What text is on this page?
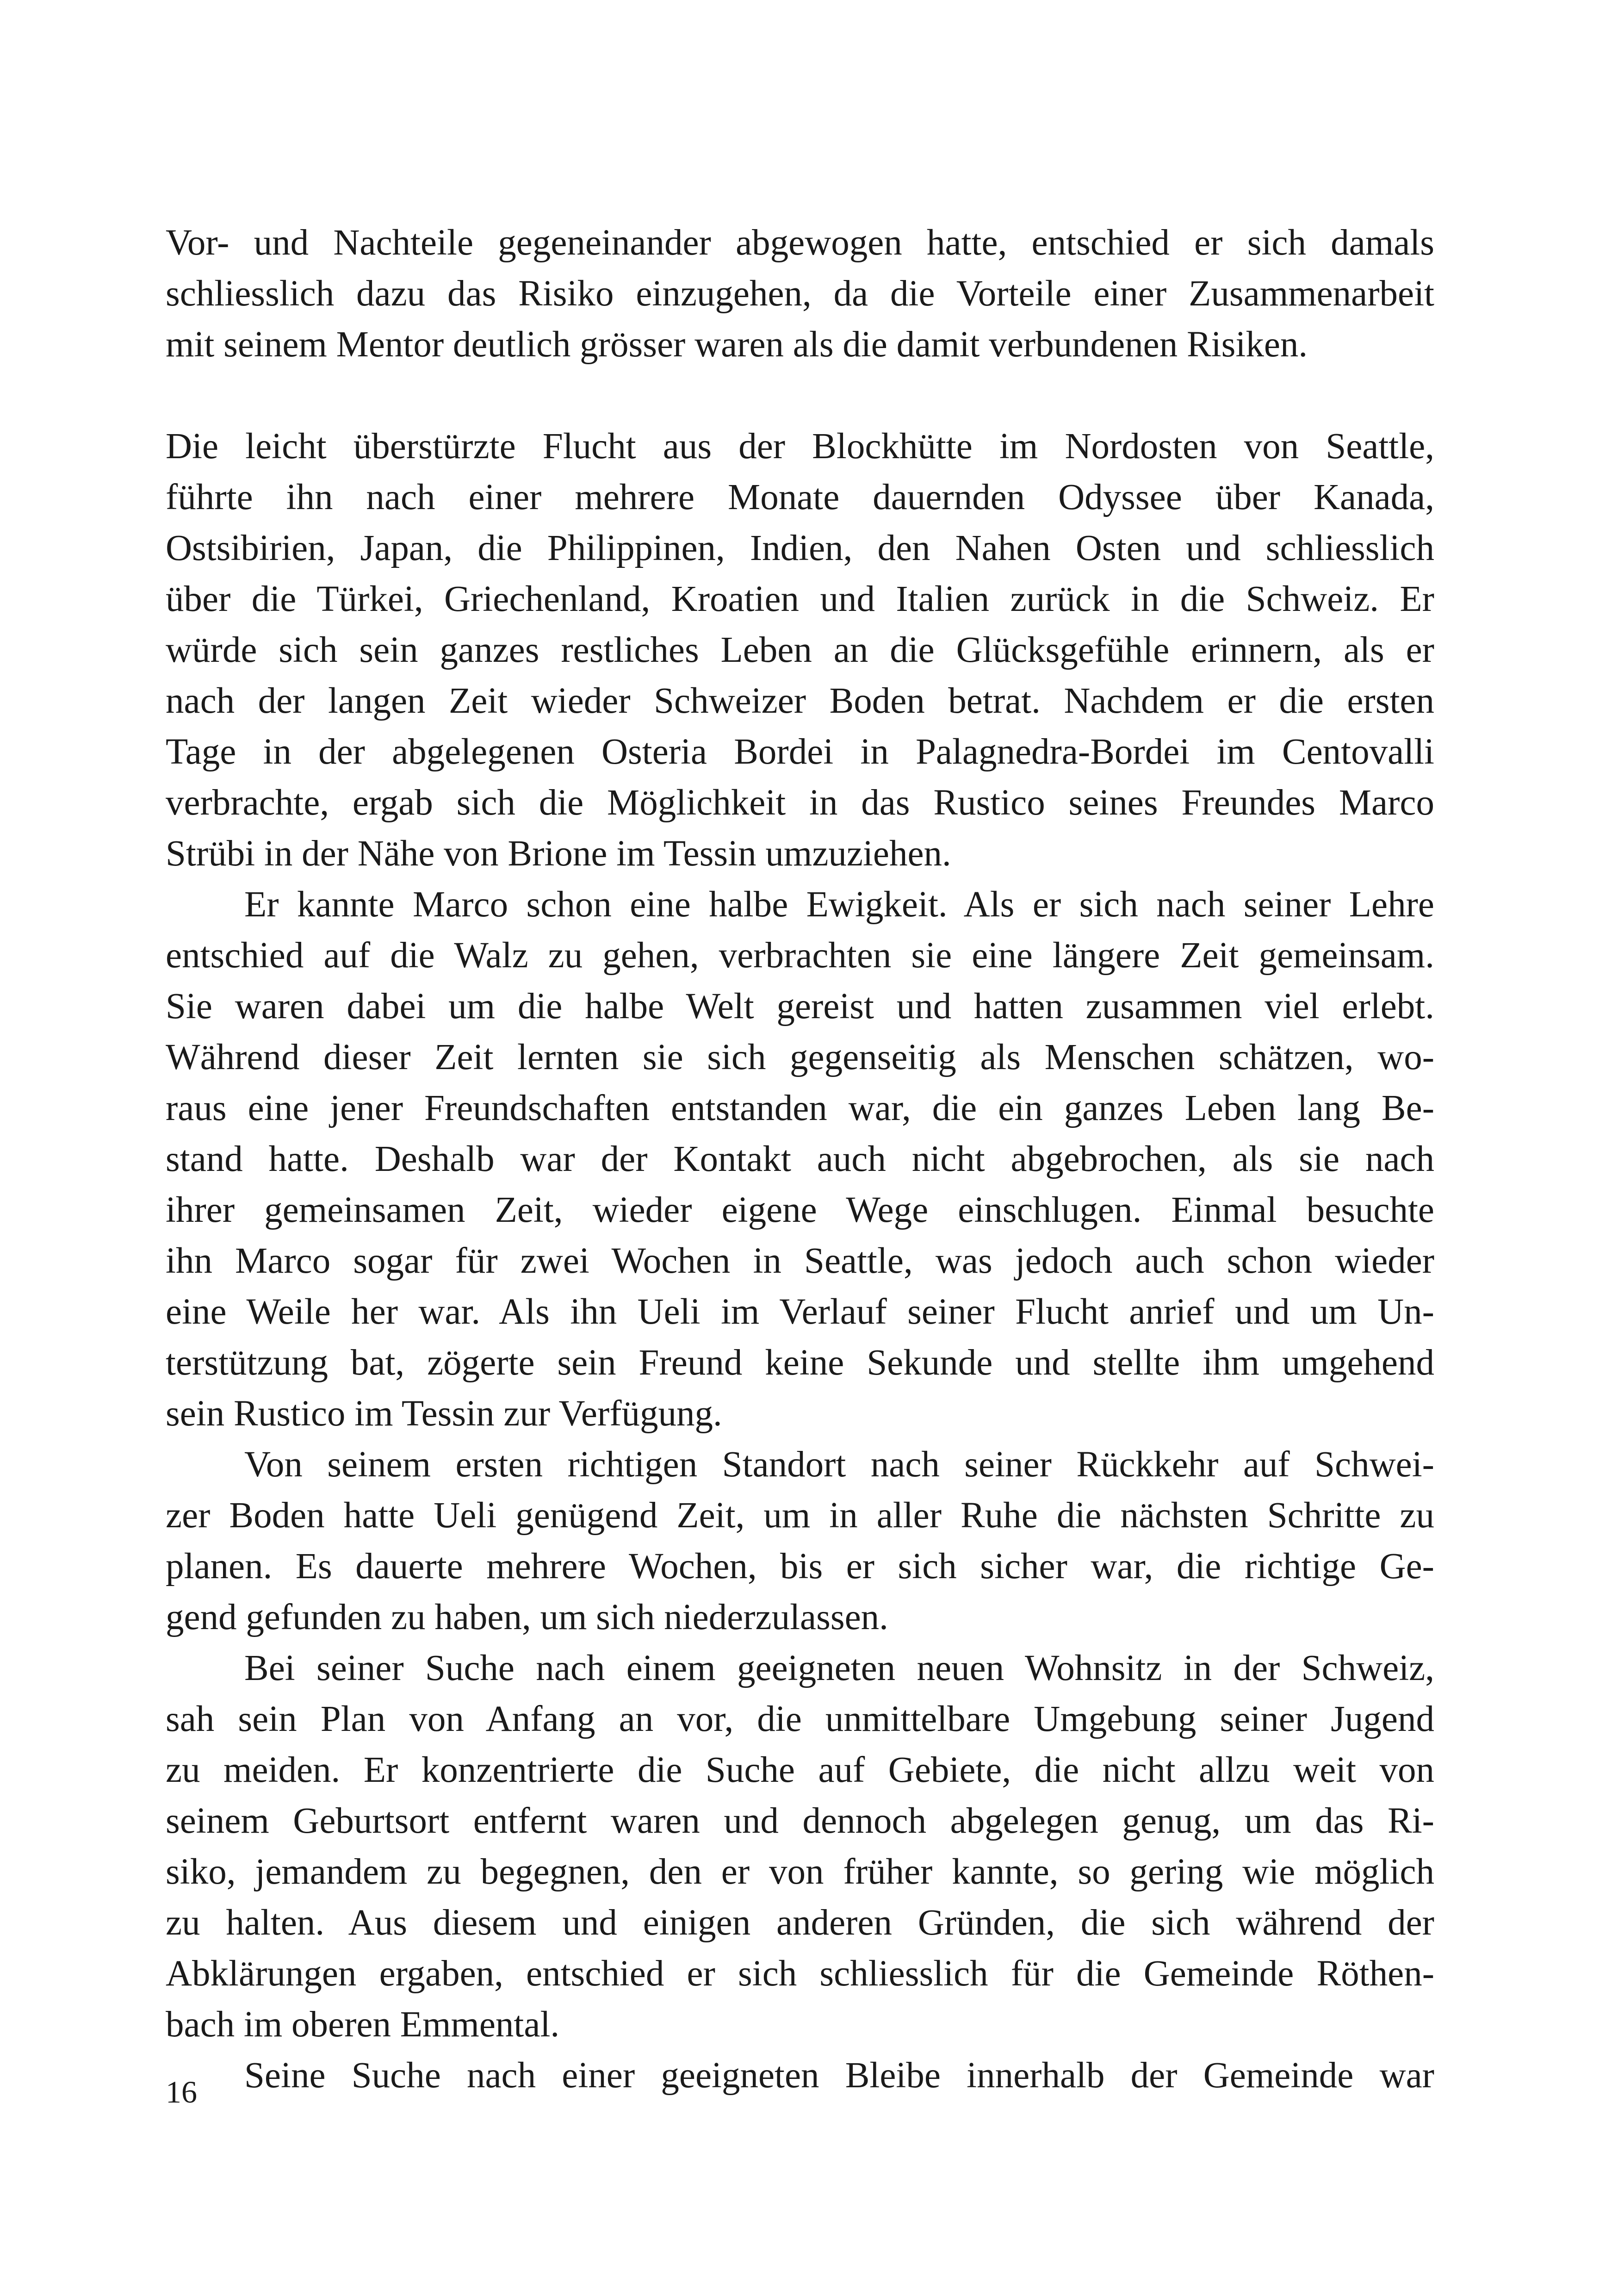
Vor- und Nachteile gegeneinander abgewogen hatte, entschied er sich damals
schliesslich dazu das Risiko einzugehen, da die Vorteile einer Zusammenarbeit
mit seinem Mentor deutlich grösser waren als die damit verbundenen Risiken.
Die leicht überstürzte Flucht aus der Blockhütte im Nordosten von Seattle,
führte ihn nach einer mehrere Monate dauernden Odyssee über Kanada,
Ostsibirien, Japan, die Philippinen, Indien, den Nahen Osten und schliesslich
über die Türkei, Griechenland, Kroatien und Italien zurück in die Schweiz. Er
würde sich sein ganzes restliches Leben an die Glücksgefühle erinnern, als er
nach der langen Zeit wieder Schweizer Boden betrat. Nachdem er die ersten
Tage in der abgelegenen Osteria Bordei in Palagnedra-Bordei im Centovalli
verbrachte, ergab sich die Möglichkeit in das Rustico seines Freundes Marco
Strübi in der Nähe von Brione im Tessin umzuziehen.
Er kannte Marco schon eine halbe Ewigkeit. Als er sich nach seiner Lehre
entschied auf die Walz zu gehen, verbrachten sie eine längere Zeit gemeinsam.
Sie waren dabei um die halbe Welt gereist und hatten zusammen viel erlebt.
Während dieser Zeit lernten sie sich gegenseitig als Menschen schätzen, wo-
raus eine jener Freundschaften entstanden war, die ein ganzes Leben lang Be-
stand hatte. Deshalb war der Kontakt auch nicht abgebrochen, als sie nach
ihrer gemeinsamen Zeit, wieder eigene Wege einschlugen. Einmal besuchte
ihn Marco sogar für zwei Wochen in Seattle, was jedoch auch schon wieder
eine Weile her war. Als ihn Ueli im Verlauf seiner Flucht anrief und um Un-
terstützung bat, zögerte sein Freund keine Sekunde und stellte ihm umgehend
sein Rustico im Tessin zur Verfügung.
Von seinem ersten richtigen Standort nach seiner Rückkehr auf Schwei-
zer Boden hatte Ueli genügend Zeit, um in aller Ruhe die nächsten Schritte zu
planen. Es dauerte mehrere Wochen, bis er sich sicher war, die richtige Ge-
gend gefunden zu haben, um sich niederzulassen.
Bei seiner Suche nach einem geeigneten neuen Wohnsitz in der Schweiz,
sah sein Plan von Anfang an vor, die unmittelbare Umgebung seiner Jugend
zu meiden. Er konzentrierte die Suche auf Gebiete, die nicht allzu weit von
seinem Geburtsort entfernt waren und dennoch abgelegen genug, um das Ri-
siko, jemandem zu begegnen, den er von früher kannte, so gering wie möglich
zu halten. Aus diesem und einigen anderen Gründen, die sich während der
Abklärungen ergaben, entschied er sich schliesslich für die Gemeinde Röthen-
bach im oberen Emmental.
Seine Suche nach einer geeigneten Bleibe innerhalb der Gemeinde war
16
